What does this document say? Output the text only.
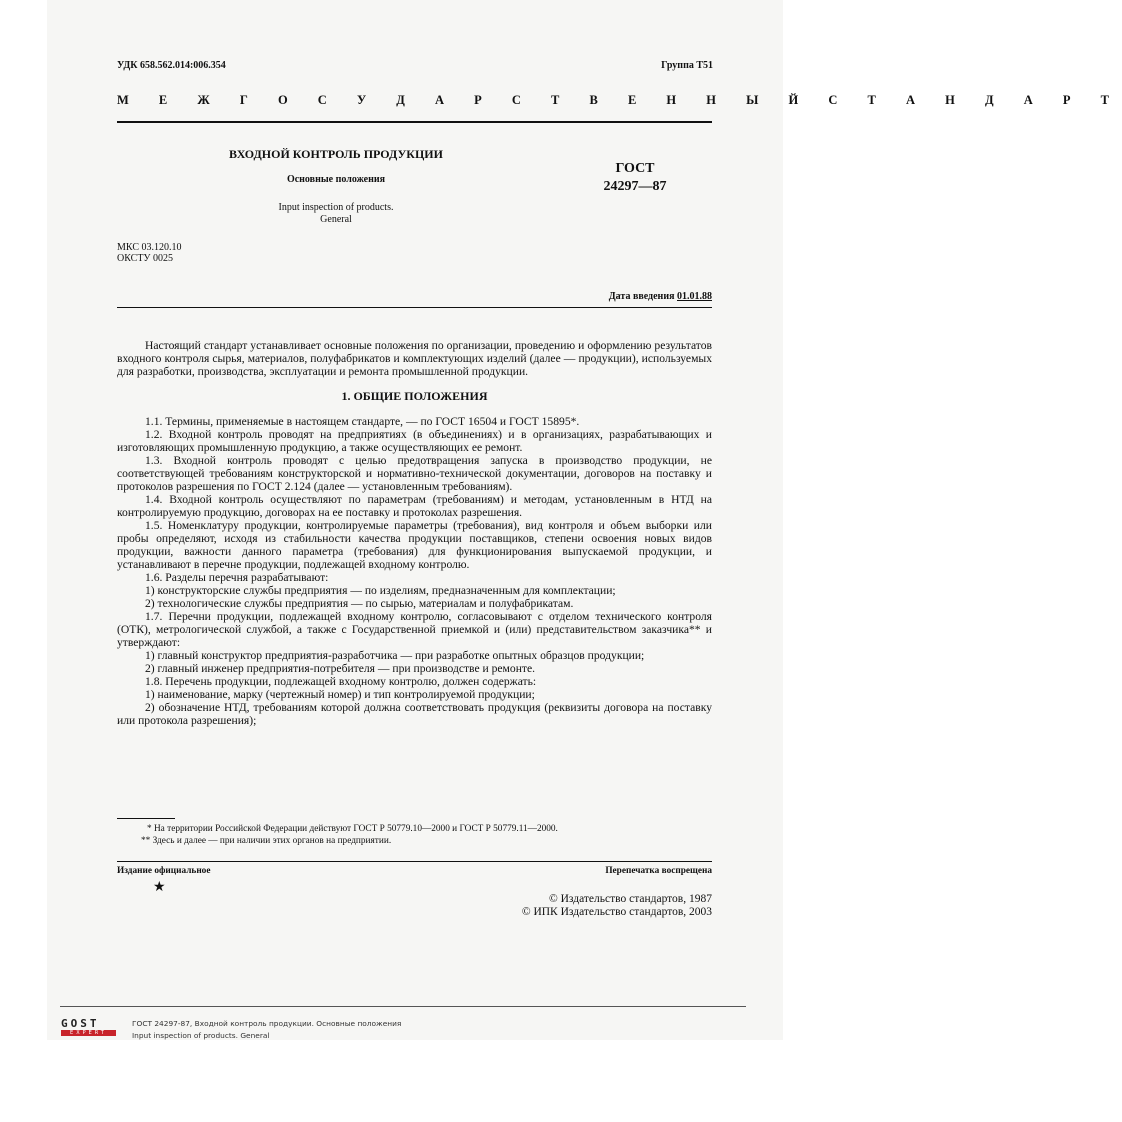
УДК 658.562.014:006.354	Группа Т51
М Е Ж Г О С У Д А Р С Т В Е Н Н Ы Й С Т А Н Д А Р Т
ВХОДНОЙ КОНТРОЛЬ ПРОДУКЦИИ
Основные положения
ГОСТ
24297—87
Input inspection of products.
General
МКС 03.120.10
ОКСТУ 0025
Дата введения 01.01.88

Настоящий стандарт устанавливает основные положения по организации, проведению и оформлению результатов входного контроля сырья, материалов, полуфабрикатов и комплектующих изделий (далее — продукции), используемых для разработки, производства, эксплуатации и ремонта промышленной продукции.

1. ОБЩИЕ ПОЛОЖЕНИЯ

1.1. Термины, применяемые в настоящем стандарте, — по ГОСТ 16504 и ГОСТ 15895*.

1.2. Входной контроль проводят на предприятиях (в объединениях) и в организациях, разрабатывающих и изготовляющих промышленную продукцию, а также осуществляющих ее ремонт.

1.3. Входной контроль проводят с целью предотвращения запуска в производство продукции, не соответствующей требованиям конструкторской и нормативно-технической документации, договоров на поставку и протоколов разрешения по ГОСТ 2.124 (далее — установленным требованиям).

1.4. Входной контроль осуществляют по параметрам (требованиям) и методам, установленным в НТД на контролируемую продукцию, договорах на ее поставку и протоколах разрешения.

1.5. Номенклатуру продукции, контролируемые параметры (требования), вид контроля и объем выборки или пробы определяют, исходя из стабильности качества продукции поставщиков, степени освоения новых видов продукции, важности данного параметра (требования) для функционирования выпускаемой продукции, и устанавливают в перечне продукции, подлежащей входному контролю.

1.6. Разделы перечня разрабатывают:

1) конструкторские службы предприятия — по изделиям, предназначенным для комплектации;

2) технологические службы предприятия — по сырью, материалам и полуфабрикатам.

1.7. Перечни продукции, подлежащей входному контролю, согласовывают с отделом технического контроля (ОТК), метрологической службой, а также с Государственной приемкой и (или) представительством заказчика** и утверждают:

1) главный конструктор предприятия-разработчика — при разработке опытных образцов продукции;

2) главный инженер предприятия-потребителя — при производстве и ремонте.

1.8. Перечень продукции, подлежащей входному контролю, должен содержать:

1) наименование, марку (чертежный номер) и тип контролируемой продукции;

2) обозначение НТД, требованиям которой должна соответствовать продукция (реквизиты договора на поставку или протокола разрешения);

* На территории Российской Федерации действуют ГОСТ Р 50779.10—2000 и ГОСТ Р 50779.11—2000.
** Здесь и далее — при наличии этих органов на предприятии.
Издание официальное	Перепечатка воспрещена
★
© Издательство стандартов, 1987
© ИПК Издательство стандартов, 2003
GOST
EXPERT
ГОСТ 24297-87, Входной контроль продукции. Основные положения
Input inspection of products. General
